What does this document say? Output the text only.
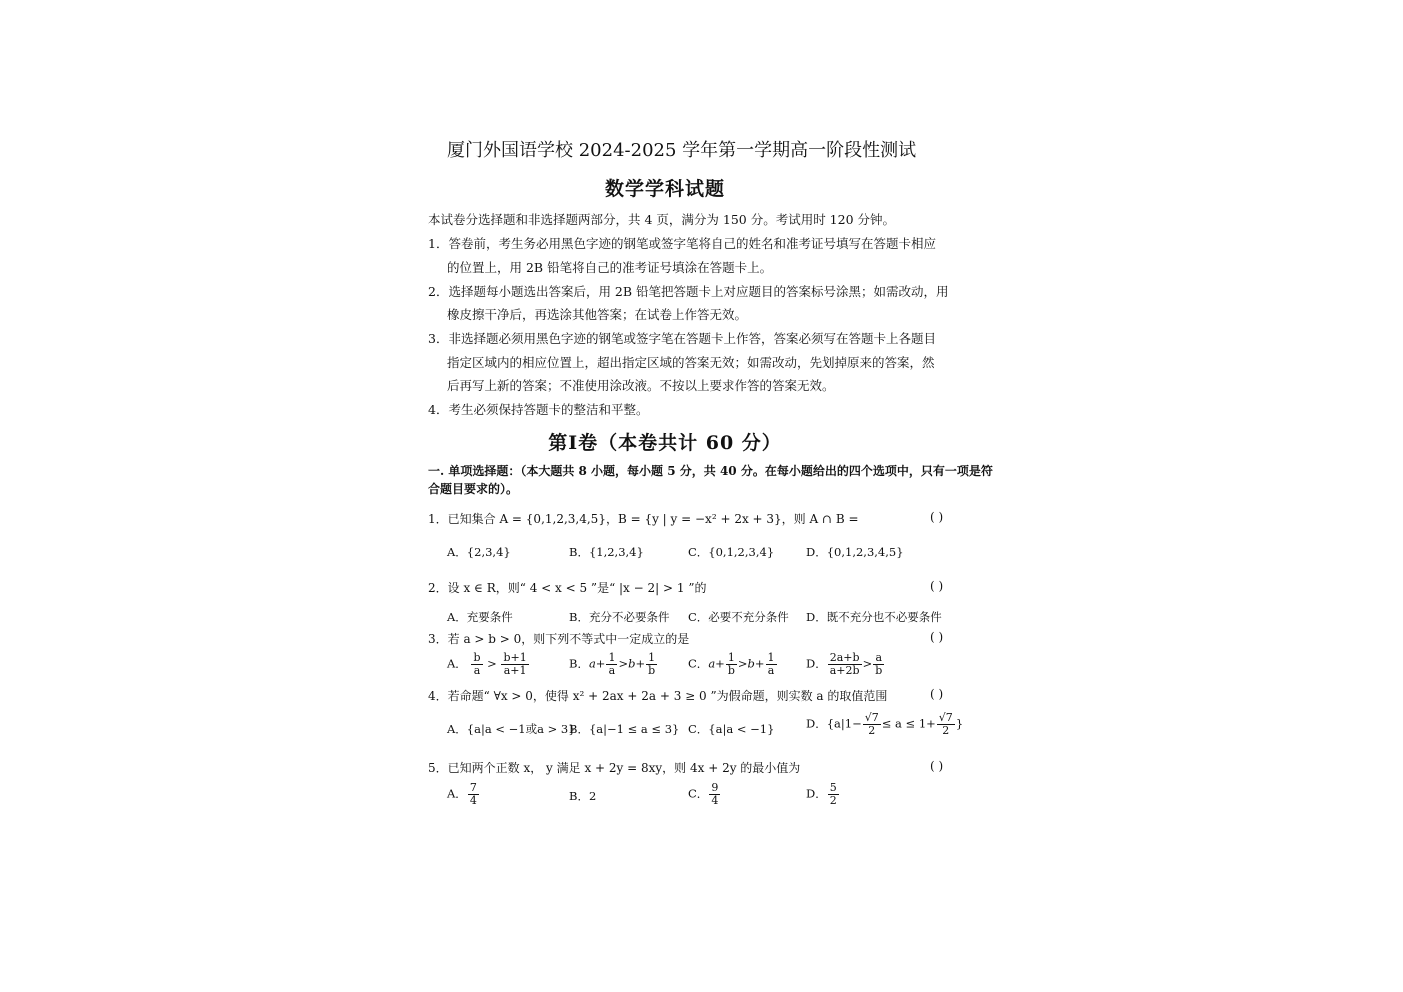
厦门外国语学校 2024-2025 学年第一学期高一阶段性测试
数学学科试题
本试卷分选择题和非选择题两部分，共 4 页，满分为 150 分。考试用时 120 分钟。
1．答卷前，考生务必用黑色字迹的钢笔或签字笔将自己的姓名和准考证号填写在答题卡相应
的位置上，用 2B 铅笔将自己的准考证号填涂在答题卡上。
2．选择题每小题选出答案后，用 2B 铅笔把答题卡上对应题目的答案标号涂黑；如需改动，用
橡皮擦干净后，再选涂其他答案；在试卷上作答无效。
3．非选择题必须用黑色字迹的钢笔或签字笔在答题卡上作答，答案必须写在答题卡上各题目
指定区域内的相应位置上，超出指定区域的答案无效；如需改动，先划掉原来的答案，然
后再写上新的答案；不准使用涂改液。不按以上要求作答的答案无效。
4．考生必须保持答题卡的整洁和平整。
第Ⅰ卷（本卷共计 60 分）
一. 单项选择题：（本大题共 8 小题，每小题 5 分，共 40 分。在每小题给出的四个选项中，只有一项是符
合题目要求的）。
1．已知集合 A = {0,1,2,3,4,5}，B = {y | y = −x² + 2x + 3}，则 A ∩ B =	( )
A．{2,3,4}	B．{1,2,3,4}	C．{0,1,2,3,4}	D．{0,1,2,3,4,5}
2．设 x ∈ R，则“ 4 < x < 5 ”是“ |x − 2| > 1 ”的	( )
A．充要条件	B．充分不必要条件 C．必要不充分条件 D．既不充分也不必要条件
3．若 a > b > 0，则下列不等式中一定成立的是	( )
A． $\frac{b}{a} > \frac{b+1}{a+1}$	B．$a+ \frac{1}{a} >b+ \frac{1}{b}$	C．$a+ \frac{1}{b} >b+ \frac{1}{a}$	D． $\frac{2a+b}{a+2b} > \frac{a}{b}$
4．若命题“ ∀x > 0，使得 x² + 2ax + 2a + 3 ≥ 0 ”为假命题，则实数 a 的取值范围	( )
A．{a|a < −1或a > 3}
B．{a|−1 ≤ a ≤ 3} C．{a|a < −1}	D．{$a|1- \frac{√7}{2} \le a \le 1+ \frac{√7}{2}$ }
5．已知两个正数 x， y 满足 x + 2y = 8xy，则 4x + 2y 的最小值为	( )
A． $\frac{7}{4}$	B．2	C． $\frac{9}{4}$	D． $\frac{5}{2}$
